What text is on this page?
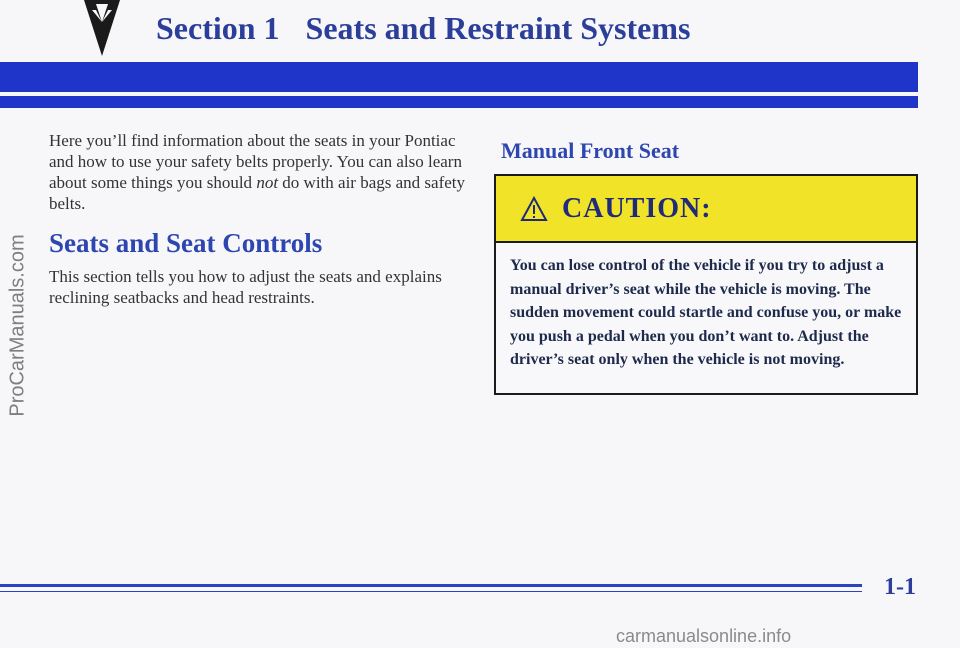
Section 1 Seats and Restraint Systems
ProCarManuals.com

Here you’ll find information about the seats in your Pontiac and how to use your safety belts properly. You can also learn about some things you should not do with air bags and safety belts.

Seats and Seat Controls

This section tells you how to adjust the seats and explains reclining seatbacks and head restraints.

Manual Front Seat
CAUTION:

You can lose control of the vehicle if you try to adjust a manual driver’s seat while the vehicle is moving. The sudden movement could startle and confuse you, or make you push a pedal when you don’t want to. Adjust the driver’s seat only when the vehicle is not moving.

1-1
carmanualsonline.info
